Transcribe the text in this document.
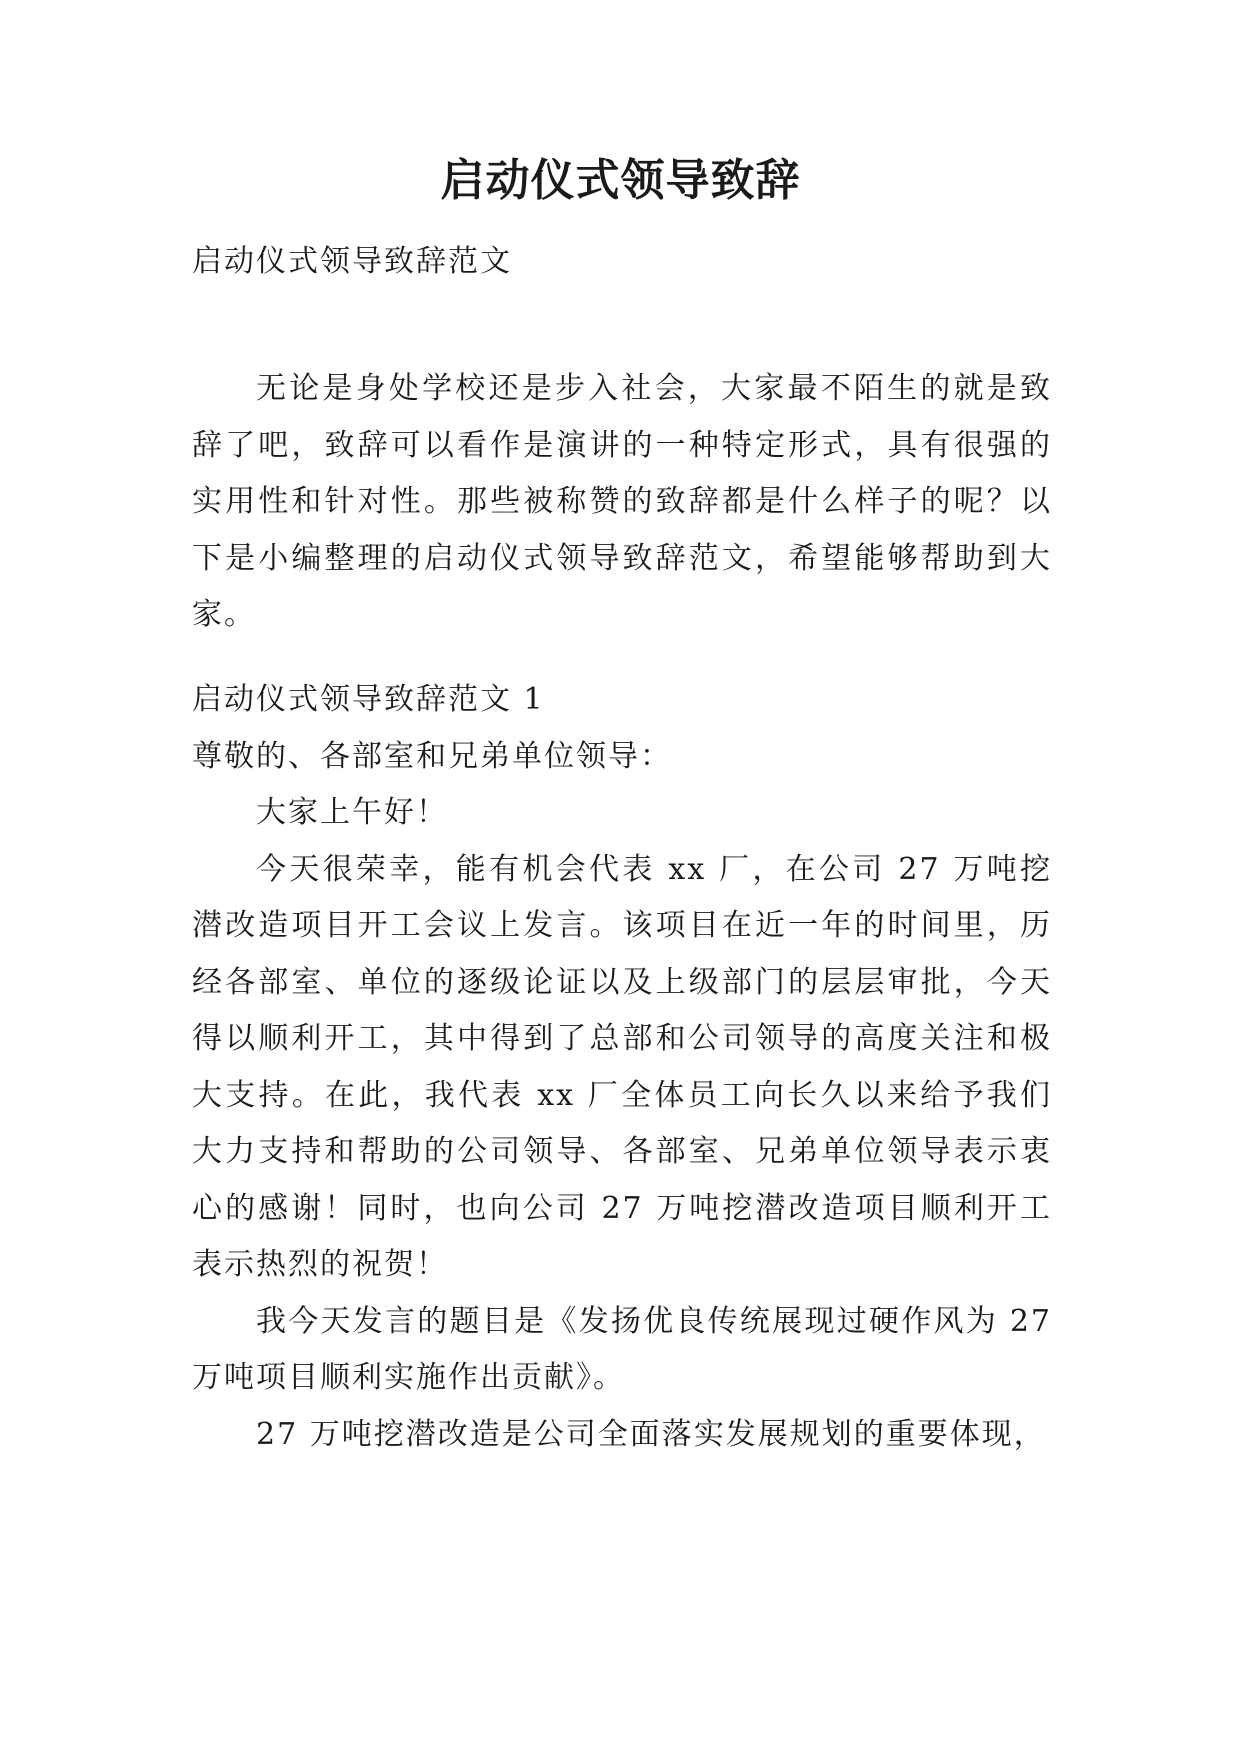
启动仪式领导致辞

启动仪式领导致辞范文

无论是身处学校还是步入社会，大家最不陌生的就是致辞了吧，致辞可以看作是演讲的一种特定形式，具有很强的实用性和针对性。那些被称赞的致辞都是什么样子的呢？以下是小编整理的启动仪式领导致辞范文，希望能够帮助到大家。

启动仪式领导致辞范文 1

尊敬的、各部室和兄弟单位领导：

大家上午好！

今天很荣幸，能有机会代表 xx 厂，在公司 27 万吨挖潜改造项目开工会议上发言。该项目在近一年的时间里，历经各部室、单位的逐级论证以及上级部门的层层审批，今天得以顺利开工，其中得到了总部和公司领导的高度关注和极大支持。在此，我代表 xx 厂全体员工向长久以来给予我们大力支持和帮助的公司领导、各部室、兄弟单位领导表示衷心的感谢！同时，也向公司 27 万吨挖潜改造项目顺利开工表示热烈的祝贺！

我今天发言的题目是《发扬优良传统展现过硬作风为 27 万吨项目顺利实施作出贡献》。

27 万吨挖潜改造是公司全面落实发展规划的重要体现，
